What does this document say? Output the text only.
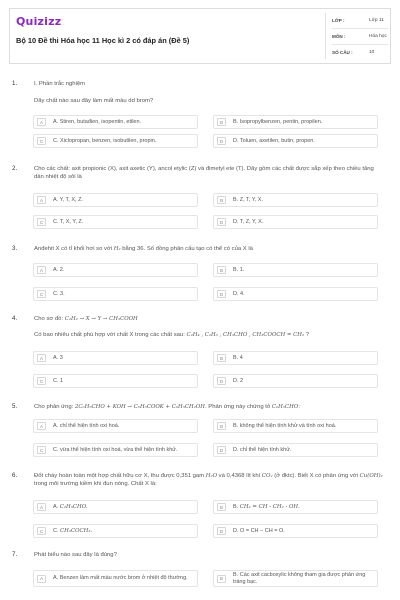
Quizizz
Bộ 10 Đề thi Hóa học 11 Học kì 2 có đáp án (Đề 5)
LỚP :	Lớp 11
MÔN :	Hóa học
SỐ CÂU :	10
1.	I. Phần trắc nghiệm
Dãy chất nào sau đây làm mất màu dd brom?
A	A. Stiren, butađien, isopentin, etilen.	B	B. Isopropylbenzen, pentin, propilen.
C	C. Xiclopropan, benzen, isobutilen, propin.	D	D. Toluen, axetilen, butin, propen.
2.	Cho các chất: axit propionic (X), axit axetic (Y), ancol etylic (Z) và đimetyl ete (T). Dãy gồm các chất được sắp xếp theo chiều tăng dần nhiệt độ sôi là
A	A. Y, T, X, Z.	B	B. Z, T, Y, X.
C	C. T, X, Y, Z.	D	D. T, Z, Y, X.
3.	Anđehit X có tỉ khối hơi so với H₂ bằng 36. Số đồng phân cấu tạo có thể có của X là
A	A. 2.	B	B. 1.
C	C. 3.	D	D. 4.
4.	Cho sơ đồ: C₂H₂ → X → Y → CH₃COOH
Có bao nhiêu chất phù hợp với chất X trong các chất sau: C₂H₄ , C₂H₆ , CH₃CHO , CH₃COOCH = CH₂ ?
A	A. 3	B	B. 4
C	C. 1	D	D. 2
5.	Cho phản ứng: 2C₆H₅CHO + KOH → C₆H₅COOK + C₆H₅CH₂OH. Phản ứng này chứng tỏ C₆H₅CHO:
A	A. chỉ thể hiện tính oxi hoá.	B	B. không thể hiện tính khử và tính oxi hoá.
C	C. vừa thể hiện tính oxi hoá, vừa thể hiện tính khử.	D	D. chỉ thể hiện tính khử.
6.	Đốt cháy hoàn toàn một hợp chất hữu cơ X, thu được 0,351 gam H₂O và 0,4368 lít khí CO₂ (ở đktc). Biết X có phản ứng với Cu(OH)₂ trong môi trường kiềm khi đun nóng. Chất X là:
A	A. C₂H₅CHO.	B	B. CH₂ = CH - CH₂ - OH.
C	C. CH₃COCH₃.	D	D. O = CH − CH = O.
7.	Phát biểu nào sau đây là đúng?
A	A. Benzen làm mất màu nước brom ở nhiệt độ thường.	B
B. Các axit cacboxylic không tham gia được phản ứng tráng bạc.
